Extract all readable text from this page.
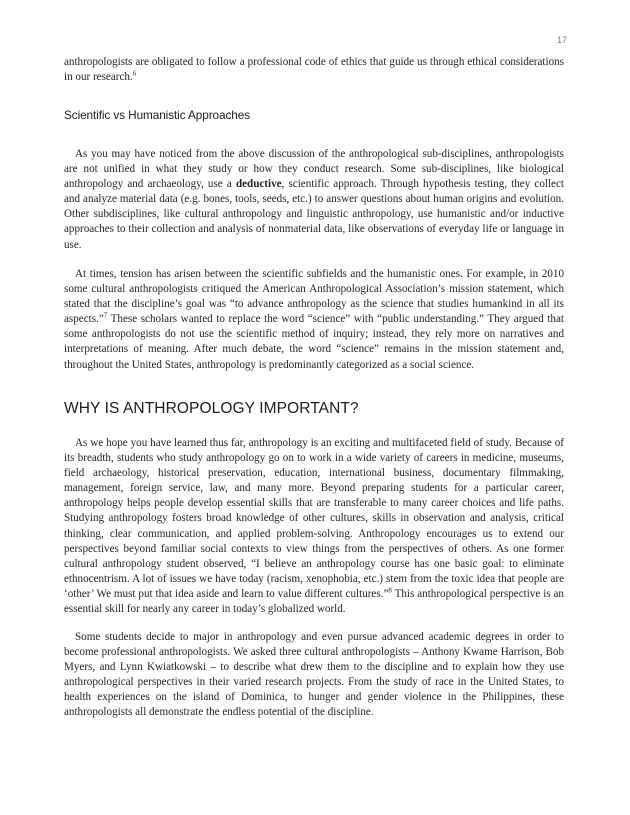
17

anthropologists are obligated to follow a professional code of ethics that guide us through ethical considerations in our research.$^6$

Scientific vs Humanistic Approaches

As you may have noticed from the above discussion of the anthropological sub-disciplines, anthropologists are not unified in what they study or how they conduct research. Some sub-disciplines, like biological anthropology and archaeology, use a deductive, scientific approach. Through hypothesis testing, they collect and analyze material data (e.g. bones, tools, seeds, etc.) to answer questions about human origins and evolution. Other subdisciplines, like cultural anthropology and linguistic anthropology, use humanistic and/or inductive approaches to their collection and analysis of nonmaterial data, like observations of everyday life or language in use.

At times, tension has arisen between the scientific subfields and the humanistic ones. For example, in 2010 some cultural anthropologists critiqued the American Anthropological Association’s mission statement, which stated that the discipline’s goal was “to advance anthropology as the science that studies humankind in all its aspects.”$^7$ These scholars wanted to replace the word “science” with “public understanding.” They argued that some anthropologists do not use the scientific method of inquiry; instead, they rely more on narratives and interpretations of meaning. After much debate, the word “science” remains in the mission statement and, throughout the United States, anthropology is predominantly categorized as a social science.

WHY IS ANTHROPOLOGY IMPORTANT?

As we hope you have learned thus far, anthropology is an exciting and multifaceted field of study. Because of its breadth, students who study anthropology go on to work in a wide variety of careers in medicine, museums, field archaeology, historical preservation, education, international business, documentary filmmaking, management, foreign service, law, and many more. Beyond preparing students for a particular career, anthropology helps people develop essential skills that are transferable to many career choices and life paths. Studying anthropology fosters broad knowledge of other cultures, skills in observation and analysis, critical thinking, clear communication, and applied problem-solving. Anthropology encourages us to extend our perspectives beyond familiar social contexts to view things from the perspectives of others. As one former cultural anthropology student observed, “I believe an anthropology course has one basic goal: to eliminate ethnocentrism. A lot of issues we have today (racism, xenophobia, etc.) stem from the toxic idea that people are ‘other’ We must put that idea aside and learn to value different cultures.”$^8$ This anthropological perspective is an essential skill for nearly any career in today’s globalized world.

Some students decide to major in anthropology and even pursue advanced academic degrees in order to become professional anthropologists. We asked three cultural anthropologists – Anthony Kwame Harrison, Bob Myers, and Lynn Kwiatkowski – to describe what drew them to the discipline and to explain how they use anthropological perspectives in their varied research projects. From the study of race in the United States, to health experiences on the island of Dominica, to hunger and gender violence in the Philippines, these anthropologists all demonstrate the endless potential of the discipline.
